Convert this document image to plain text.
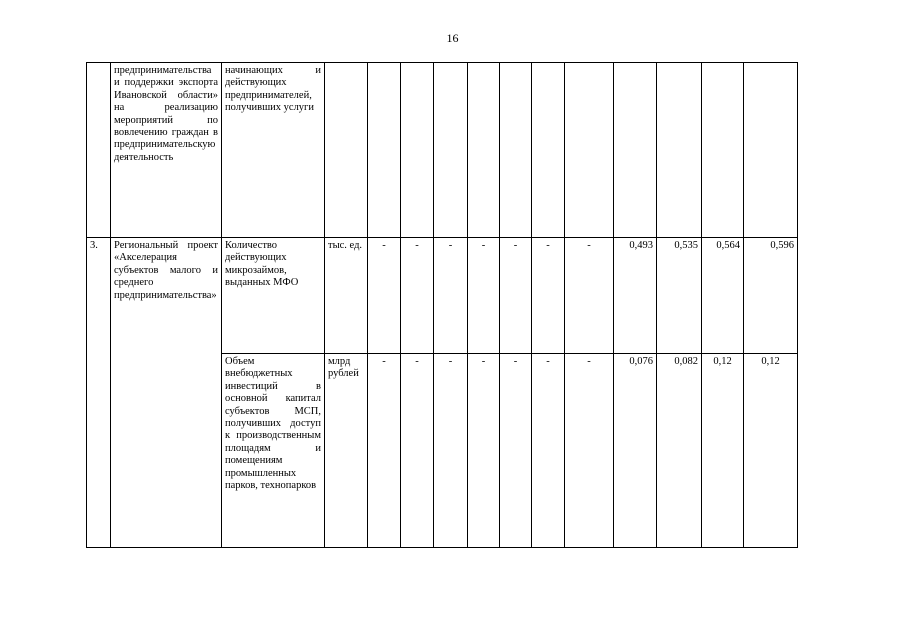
16
	предпринимательства и поддержки экспорта Ивановской области» на реализацию мероприятий по вовлечению граждан в предпринимательскую деятельность	начинающих и действующих предпринимателей, получивших услуги												
3.	Региональный проект «Акселерация субъектов малого и среднего предпринимательства»	Количество действующих микрозаймов, выданных МФО	тыс. ед.	-	-	-	-	-	-	-	0,493	0,535	0,564	0,596
		Объем внебюджетных инвестиций в основной капитал субъектов МСП, получивших доступ к производственным площадям и помещениям промышленных парков, технопарков	млрд рублей	-	-	-	-	-	-	-	0,076	0,082	0,12	0,12
